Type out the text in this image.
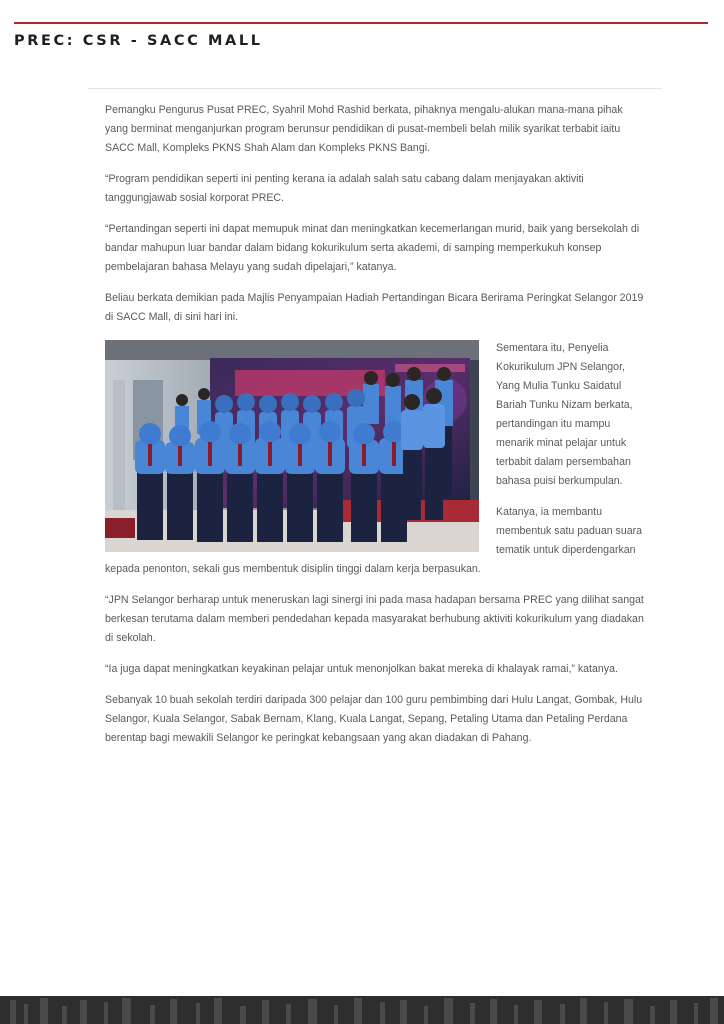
PREC: CSR - SACC MALL

Pemangku Pengurus Pusat PREC, Syahril Mohd Rashid berkata, pihaknya mengalu-alukan mana-mana pihak yang berminat menganjurkan program berunsur pendidikan di pusat-membeli belah milik syarikat terbabit iaitu SACC Mall, Kompleks PKNS Shah Alam dan Kompleks PKNS Bangi.

“Program pendidikan seperti ini penting kerana ia adalah salah satu cabang dalam menjayakan aktiviti tanggungjawab sosial korporat PREC.

“Pertandingan seperti ini dapat memupuk minat dan meningkatkan kecemerlangan murid, baik yang bersekolah di bandar mahupun luar bandar dalam bidang kokurikulum serta akademi, di samping memperkukuh konsep pembelajaran bahasa Melayu yang sudah dipelajari,” katanya.

Beliau berkata demikian pada Majlis Penyampaian Hadiah Pertandingan Bicara Berirama Peringkat Selangor 2019 di SACC Mall, di sini hari ini.

Sementara itu, Penyelia Kokurikulum JPN Selangor, Yang Mulia Tunku Saidatul Bariah Tunku Nizam berkata, pertandingan itu mampu menarik minat pelajar untuk terbabit dalam persembahan bahasa puisi berkumpulan.

Katanya, ia membantu membentuk satu paduan suara tematik untuk diperdengarkan kepada penonton, sekali gus membentuk disiplin tinggi dalam kerja berpasukan.

“JPN Selangor berharap untuk meneruskan lagi sinergi ini pada masa hadapan bersama PREC yang dilihat sangat berkesan terutama dalam memberi pendedahan kepada masyarakat berhubung aktiviti kokurikulum yang diadakan di sekolah.

“Ia juga dapat meningkatkan keyakinan pelajar untuk menonjolkan bakat mereka di khalayak ramai,” katanya.

Sebanyak 10 buah sekolah terdiri daripada 300 pelajar dan 100 guru pembimbing dari Hulu Langat, Gombak, Hulu Selangor, Kuala Selangor, Sabak Bernam, Klang, Kuala Langat, Sepang, Petaling Utama dan Petaling Perdana berentap bagi mewakili Selangor ke peringkat kebangsaan yang akan diadakan di Pahang.
